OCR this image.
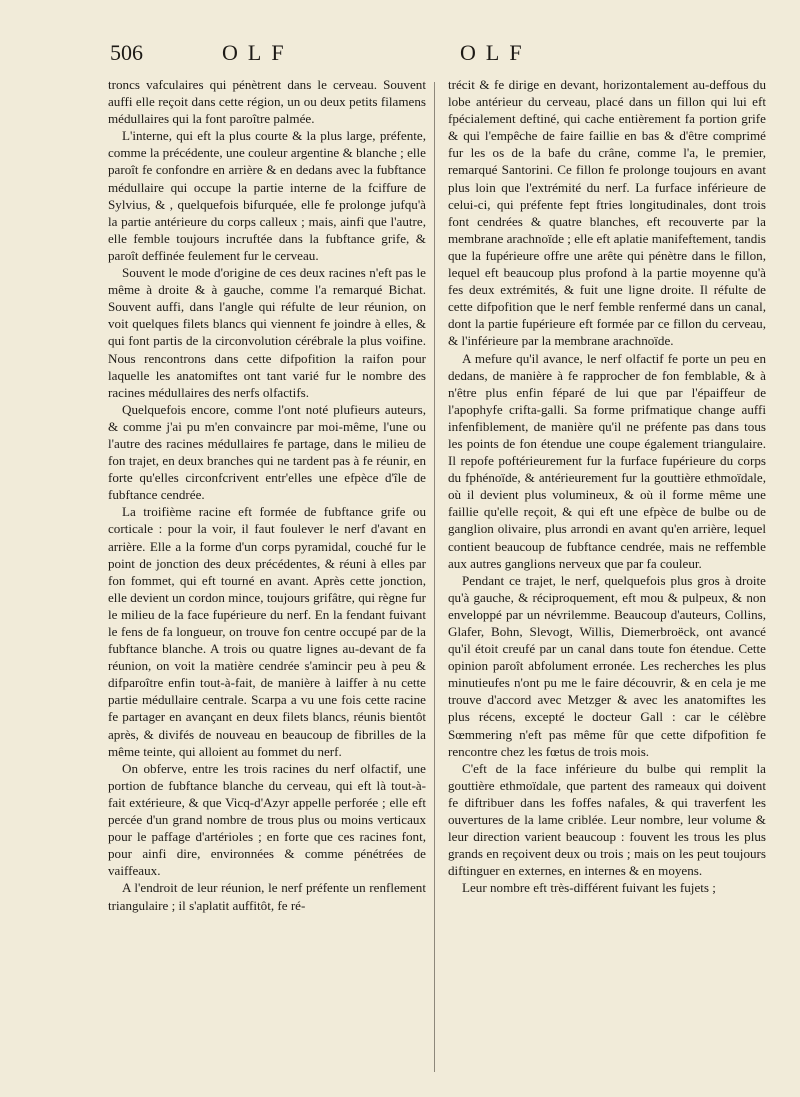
506	OLF	OLF

troncs vafculaires qui pénètrent dans le cerveau. Souvent auffi elle reçoit dans cette région, un ou deux petits filamens médullaires qui la font paroître palmée.

L'interne, qui eft la plus courte & la plus large, préfente, comme la précédente, une couleur argentine & blanche ; elle paroît fe confondre en arrière & en dedans avec la fubftance médullaire qui occupe la partie interne de la fciffure de Sylvius, & , quelquefois bifurquée, elle fe prolonge jufqu'à la partie antérieure du corps calleux ; mais, ainfi que l'autre, elle femble toujours incruftée dans la fubftance grife, & paroît deffinée feulement fur le cerveau.

Souvent le mode d'origine de ces deux racines n'eft pas le même à droite & à gauche, comme l'a remarqué Bichat. Souvent auffi, dans l'angle qui réfulte de leur réunion, on voit quelques filets blancs qui viennent fe joindre à elles, & qui font partis de la circonvolution cérébrale la plus voifine. Nous rencontrons dans cette difpofition la raifon pour laquelle les anatomiftes ont tant varié fur le nombre des racines médullaires des nerfs olfactifs.

Quelquefois encore, comme l'ont noté plufieurs auteurs, & comme j'ai pu m'en convaincre par moi-même, l'une ou l'autre des racines médullaires fe partage, dans le milieu de fon trajet, en deux branches qui ne tardent pas à fe réunir, en forte qu'elles circonfcrivent entr'elles une efpèce d'île de fubftance cendrée.

La troifième racine eft formée de fubftance grife ou corticale : pour la voir, il faut foulever le nerf d'avant en arrière. Elle a la forme d'un corps pyramidal, couché fur le point de jonction des deux précédentes, & réuni à elles par fon fommet, qui eft tourné en avant. Après cette jonction, elle devient un cordon mince, toujours grifâtre, qui règne fur le milieu de la face fupérieure du nerf. En la fendant fuivant le fens de fa longueur, on trouve fon centre occupé par de la fubftance blanche. A trois ou quatre lignes au-devant de fa réunion, on voit la matière cendrée s'amincir peu à peu & difparoître enfin tout-à-fait, de manière à laiffer à nu cette partie médullaire centrale. Scarpa a vu une fois cette racine fe partager en avançant en deux filets blancs, réunis bientôt après, & divifés de nouveau en beaucoup de fibrilles de la même teinte, qui alloient au fommet du nerf.

On obferve, entre les trois racines du nerf olfactif, une portion de fubftance blanche du cerveau, qui eft là tout-à-fait extérieure, & que Vicq-d'Azyr appelle perforée ; elle eft percée d'un grand nombre de trous plus ou moins verticaux pour le paffage d'artérioles ; en forte que ces racines font, pour ainfi dire, environnées & comme pénétrées de vaiffeaux.

A l'endroit de leur réunion, le nerf préfente un renflement triangulaire ; il s'aplatit auffitôt, fe ré-

trécit & fe dirige en devant, horizontalement au-deffous du lobe antérieur du cerveau, placé dans un fillon qui lui eft fpécialement deftiné, qui cache entièrement fa portion grife & qui l'empêche de faire faillie en bas & d'être comprimé fur les os de la bafe du crâne, comme l'a, le premier, remarqué Santorini. Ce fillon fe prolonge toujours en avant plus loin que l'extrémité du nerf. La furface inférieure de celui-ci, qui préfente fept ftries longitudinales, dont trois font cendrées & quatre blanches, eft recouverte par la membrane arachnoïde ; elle eft aplatie manifeftement, tandis que la fupérieure offre une arête qui pénètre dans le fillon, lequel eft beaucoup plus profond à la partie moyenne qu'à fes deux extrémités, & fuit une ligne droite. Il réfulte de cette difpofition que le nerf femble renfermé dans un canal, dont la partie fupérieure eft formée par ce fillon du cerveau, & l'inférieure par la membrane arachnoïde.

A mefure qu'il avance, le nerf olfactif fe porte un peu en dedans, de manière à fe rapprocher de fon femblable, & à n'être plus enfin féparé de lui que par l'épaiffeur de l'apophyfe crifta-galli. Sa forme prifmatique change auffi infenfiblement, de manière qu'il ne préfente pas dans tous les points de fon étendue une coupe également triangulaire. Il repofe poftérieurement fur la furface fupérieure du corps du fphénoïde, & antérieurement fur la gouttière ethmoïdale, où il devient plus volumineux, & où il forme même une faillie qu'elle reçoit, & qui eft une efpèce de bulbe ou de ganglion olivaire, plus arrondi en avant qu'en arrière, lequel contient beaucoup de fubftance cendrée, mais ne reffemble aux autres ganglions nerveux que par fa couleur.

Pendant ce trajet, le nerf, quelquefois plus gros à droite qu'à gauche, & réciproquement, eft mou & pulpeux, & non enveloppé par un névrilemme. Beaucoup d'auteurs, Collins, Glafer, Bohn, Slevogt, Willis, Diemerbroëck, ont avancé qu'il étoit creufé par un canal dans toute fon étendue. Cette opinion paroît abfolument erronée. Les recherches les plus minutieufes n'ont pu me le faire découvrir, & en cela je me trouve d'accord avec Metzger & avec les anatomiftes les plus récens, excepté le docteur Gall : car le célèbre Sœmmering n'eft pas même fûr que cette difpofition fe rencontre chez les fœtus de trois mois.

C'eft de la face inférieure du bulbe qui remplit la gouttière ethmoïdale, que partent des rameaux qui doivent fe diftribuer dans les foffes nafales, & qui traverfent les ouvertures de la lame criblée. Leur nombre, leur volume & leur direction varient beaucoup : fouvent les trous les plus grands en reçoivent deux ou trois ; mais on les peut toujours diftinguer en externes, en internes & en moyens.

Leur nombre eft très-différent fuivant les fujets ;
